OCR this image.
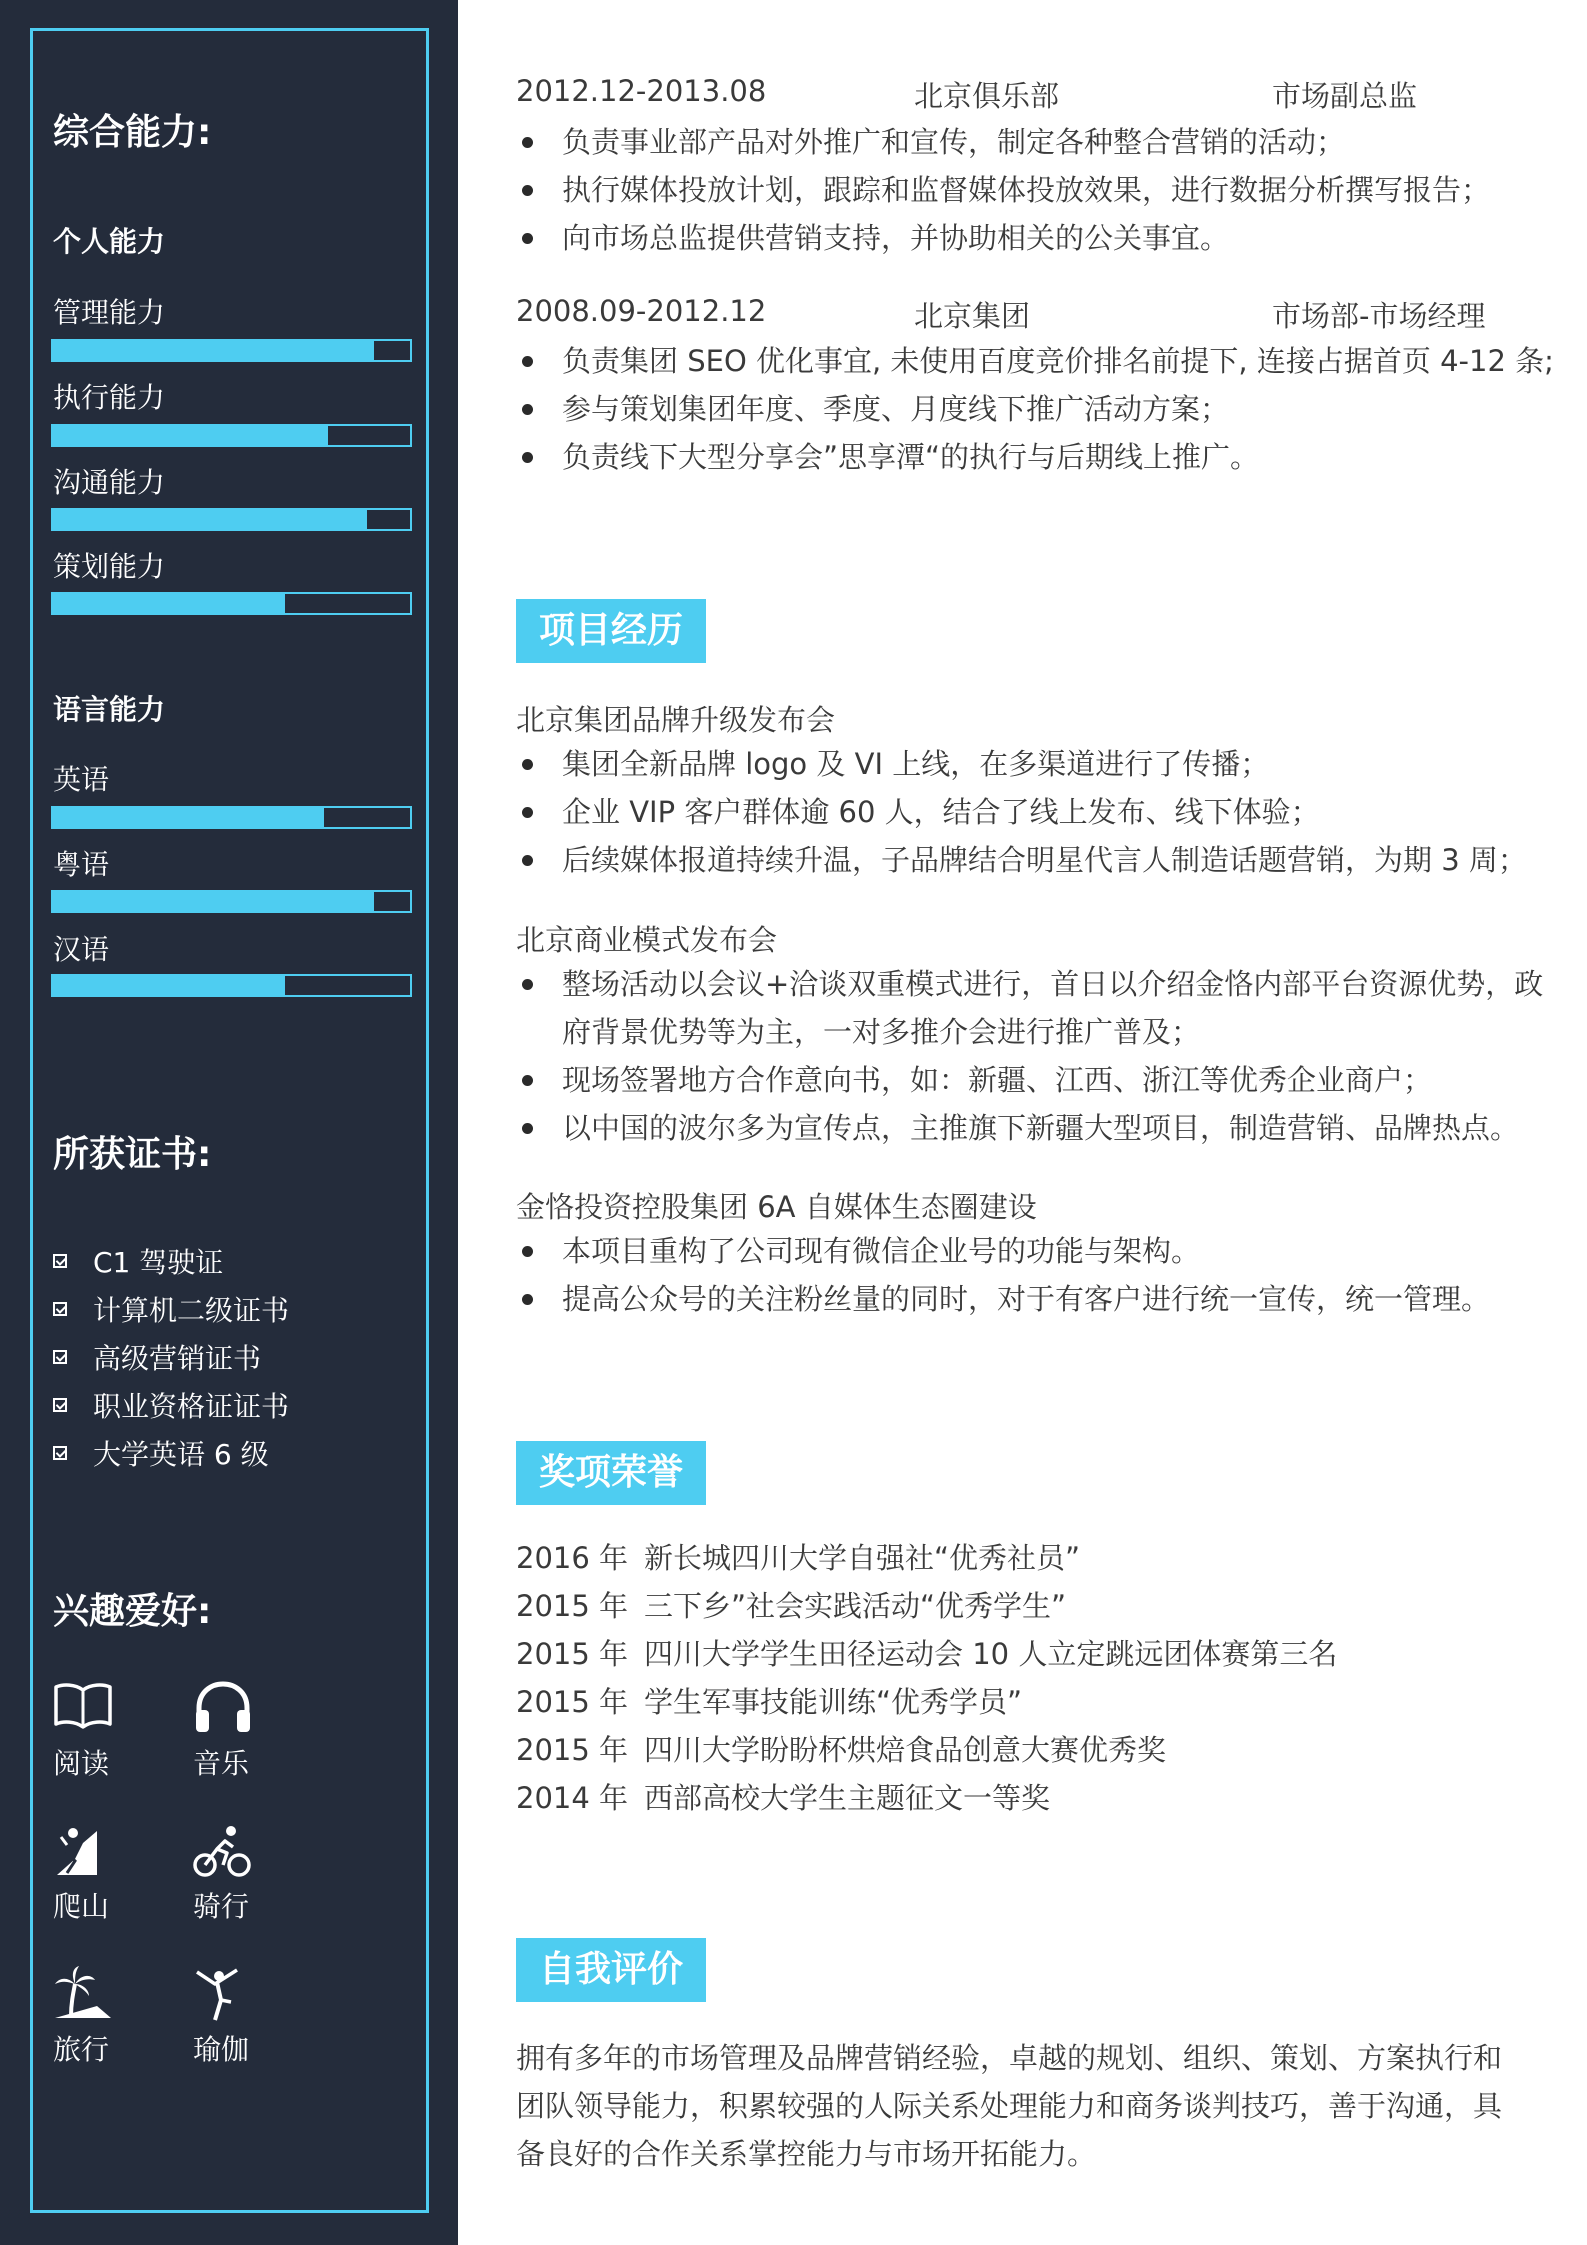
综合能力:
个人能力
管理能力
执行能力
沟通能力
策划能力
语言能力
英语
粤语
汉语
所获证书:
C1 驾驶证
计算机二级证书
高级营销证书
职业资格证证书
大学英语 6 级
兴趣爱好:
阅读	音乐
爬山	骑行
旅行	瑜伽
2012.12-2013.08	北京俱乐部	市场副总监
负责事业部产品对外推广和宣传，制定各种整合营销的活动；
执行媒体投放计划，跟踪和监督媒体投放效果，进行数据分析撰写报告；
向市场总监提供营销支持，并协助相关的公关事宜。
2008.09-2012.12	北京集团	市场部-市场经理
负责集团 SEO 优化事宜, 未使用百度竞价排名前提下, 连接占据首页 4-12 条;
参与策划集团年度、季度、月度线下推广活动方案；
负责线下大型分享会”思享潭“的执行与后期线上推广。
项目经历
北京集团品牌升级发布会
集团全新品牌 logo 及 VI 上线，在多渠道进行了传播；
企业 VIP 客户群体逾 60 人，结合了线上发布、线下体验；
后续媒体报道持续升温，子品牌结合明星代言人制造话题营销，为期 3 周；
北京商业模式发布会
整场活动以会议+洽谈双重模式进行，首日以介绍金恪内部平台资源优势，政府背景优势等为主，一对多推介会进行推广普及；
现场签署地方合作意向书，如：新疆、江西、浙江等优秀企业商户；
以中国的波尔多为宣传点，主推旗下新疆大型项目，制造营销、品牌热点。
金恪投资控股集团 6A 自媒体生态圈建设
本项目重构了公司现有微信企业号的功能与架构。
提高公众号的关注粉丝量的同时，对于有客户进行统一宣传，统一管理。
奖项荣誉
2016 年 新长城四川大学自强社“优秀社员”
2015 年 三下乡”社会实践活动“优秀学生”
2015 年 四川大学学生田径运动会 10 人立定跳远团体赛第三名
2015 年 学生军事技能训练“优秀学员”
2015 年 四川大学盼盼杯烘焙食品创意大赛优秀奖
2014 年 西部高校大学生主题征文一等奖
自我评价

拥有多年的市场管理及品牌营销经验，卓越的规划、组织、策划、方案执行和团队领导能力，积累较强的人际关系处理能力和商务谈判技巧，善于沟通，具备良好的合作关系掌控能力与市场开拓能力。
